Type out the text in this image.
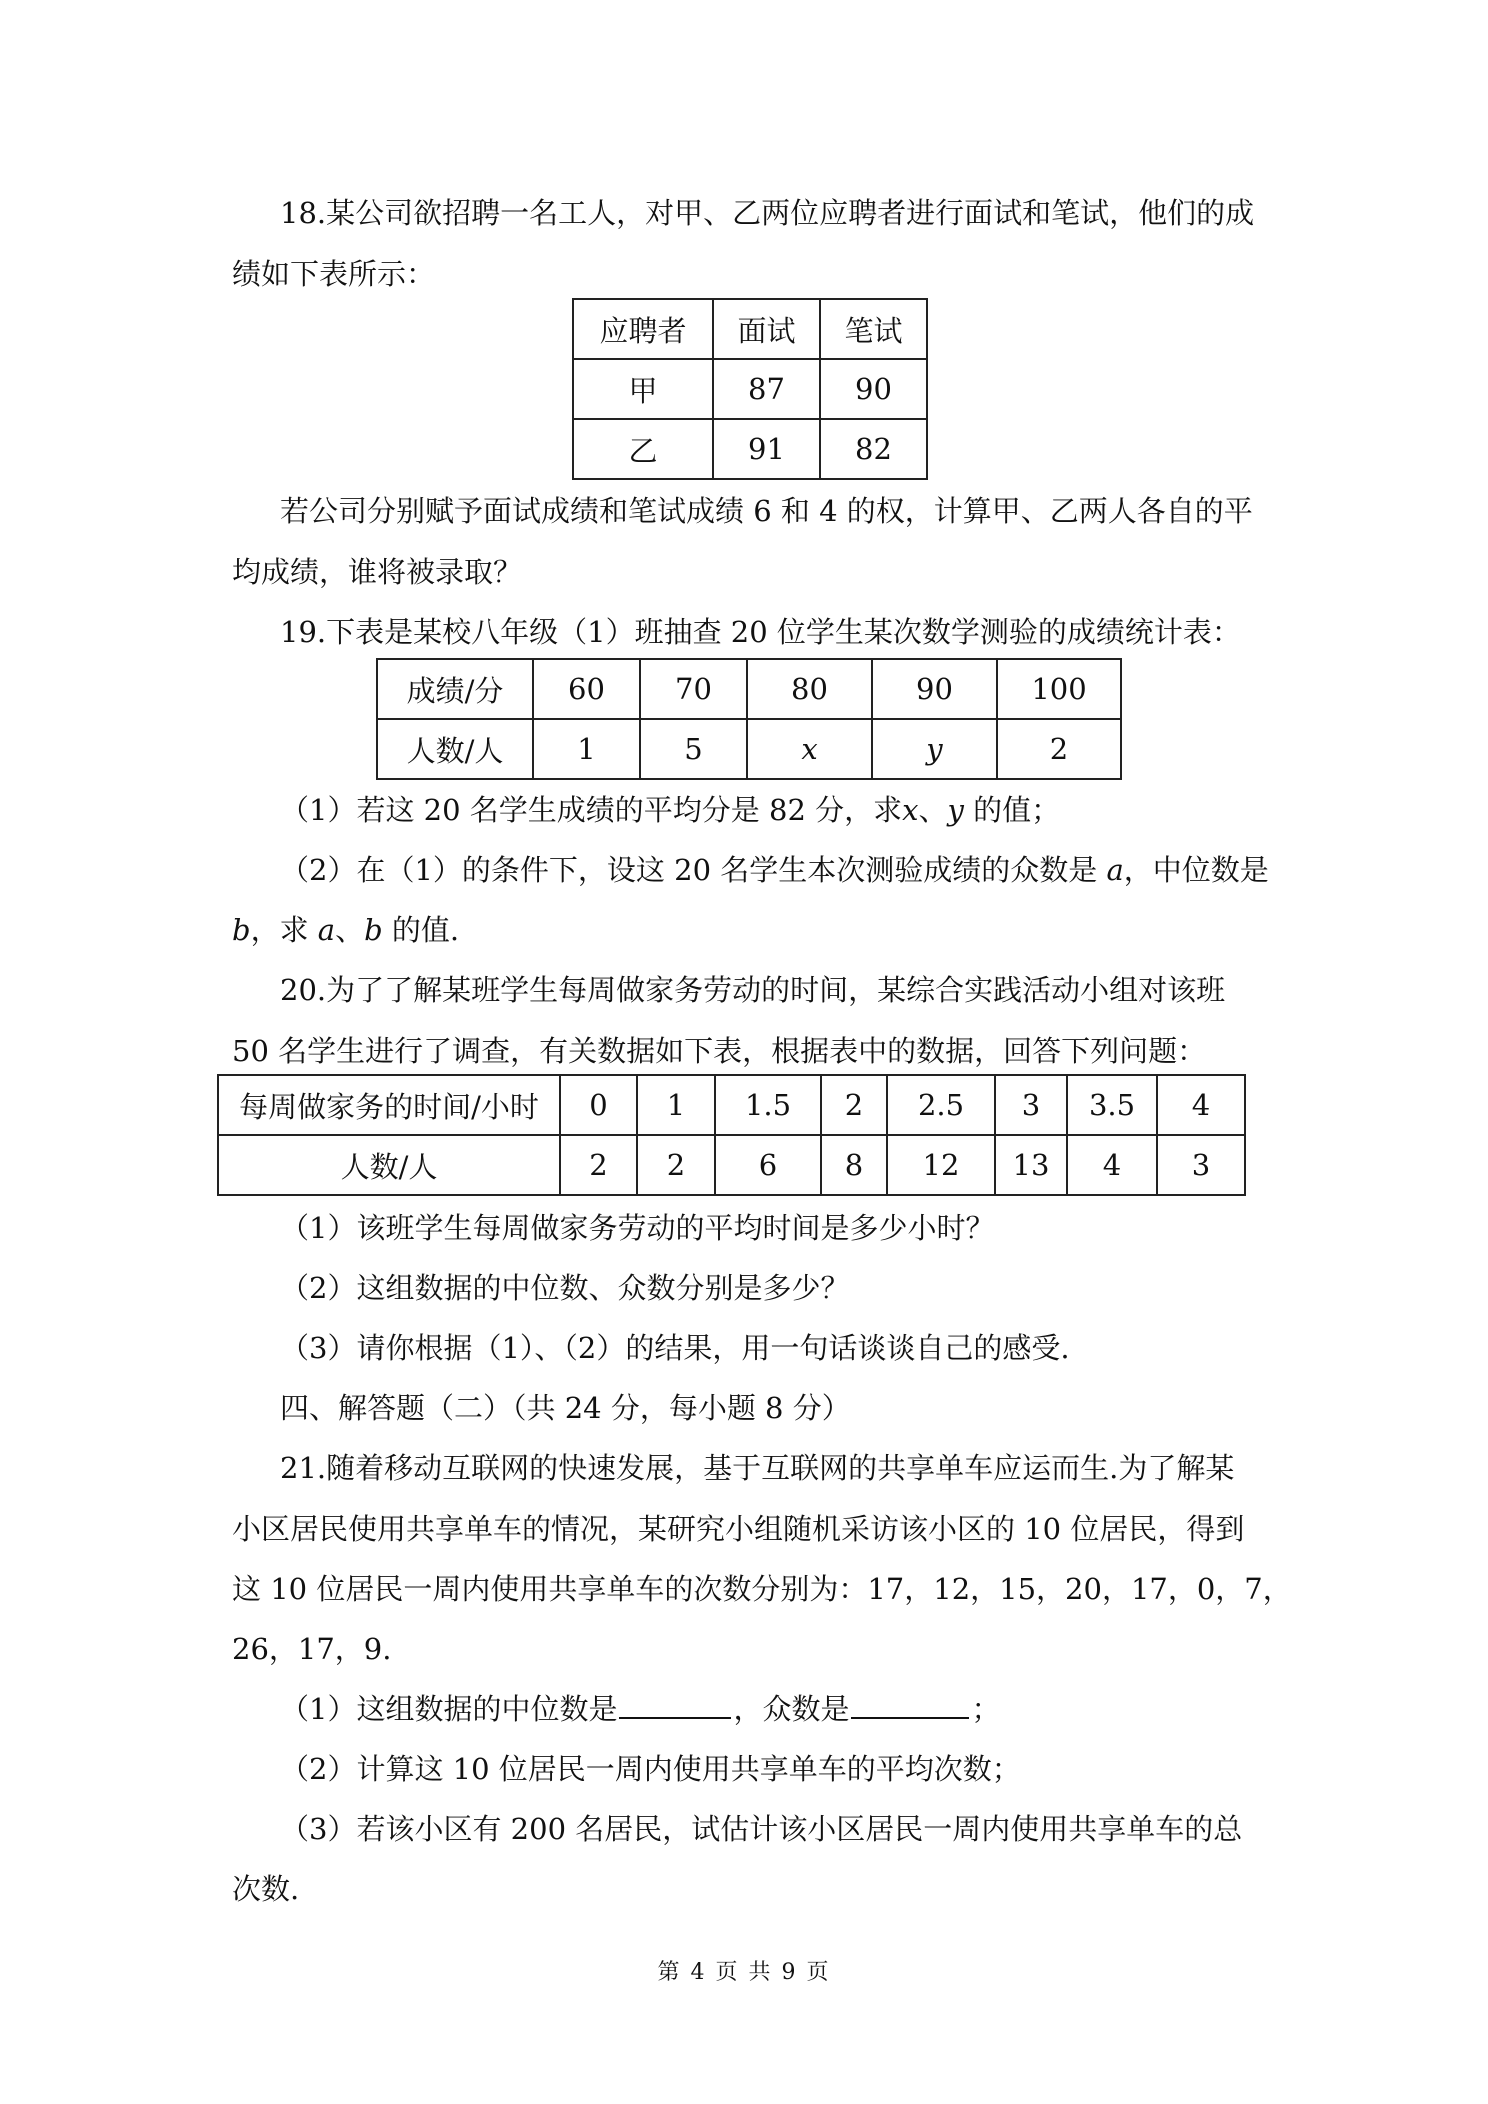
18.某公司欲招聘一名工人，对甲、乙两位应聘者进行面试和笔试，他们的成
绩如下表所示：
应聘者	面试	笔试
甲	87	90
乙	91	82
若公司分别赋予面试成绩和笔试成绩 6 和 4 的权，计算甲、乙两人各自的平
均成绩，谁将被录取？
19.下表是某校八年级（1）班抽查 20 位学生某次数学测验的成绩统计表：
成绩/分	60	70	80	90	100
人数/人	1	5	x	y	2
（1）若这 20 名学生成绩的平均分是 82 分，求x、y 的值；
（2）在（1）的条件下，设这 20 名学生本次测验成绩的众数是 a，中位数是
b，求 a、b 的值.
20.为了了解某班学生每周做家务劳动的时间，某综合实践活动小组对该班
50 名学生进行了调查，有关数据如下表，根据表中的数据，回答下列问题：
每周做家务的时间/小时	0	1	1.5	2	2.5	3	3.5	4
人数/人	2	2	6	8	12	13	4	3
（1）该班学生每周做家务劳动的平均时间是多少小时？
（2）这组数据的中位数、众数分别是多少？
（3）请你根据（1）、（2）的结果，用一句话谈谈自己的感受.
四、解答题（二）（共 24 分，每小题 8 分）
21.随着移动互联网的快速发展，基于互联网的共享单车应运而生.为了解某
小区居民使用共享单车的情况，某研究小组随机采访该小区的 10 位居民，得到
这 10 位居民一周内使用共享单车的次数分别为：17，12，15，20，17，0，7，
26，17，9.
（1）这组数据的中位数是	，众数是	；
（2）计算这 10 位居民一周内使用共享单车的平均次数；
（3）若该小区有 200 名居民，试估计该小区居民一周内使用共享单车的总
次数.
第 4 页 共 9 页
